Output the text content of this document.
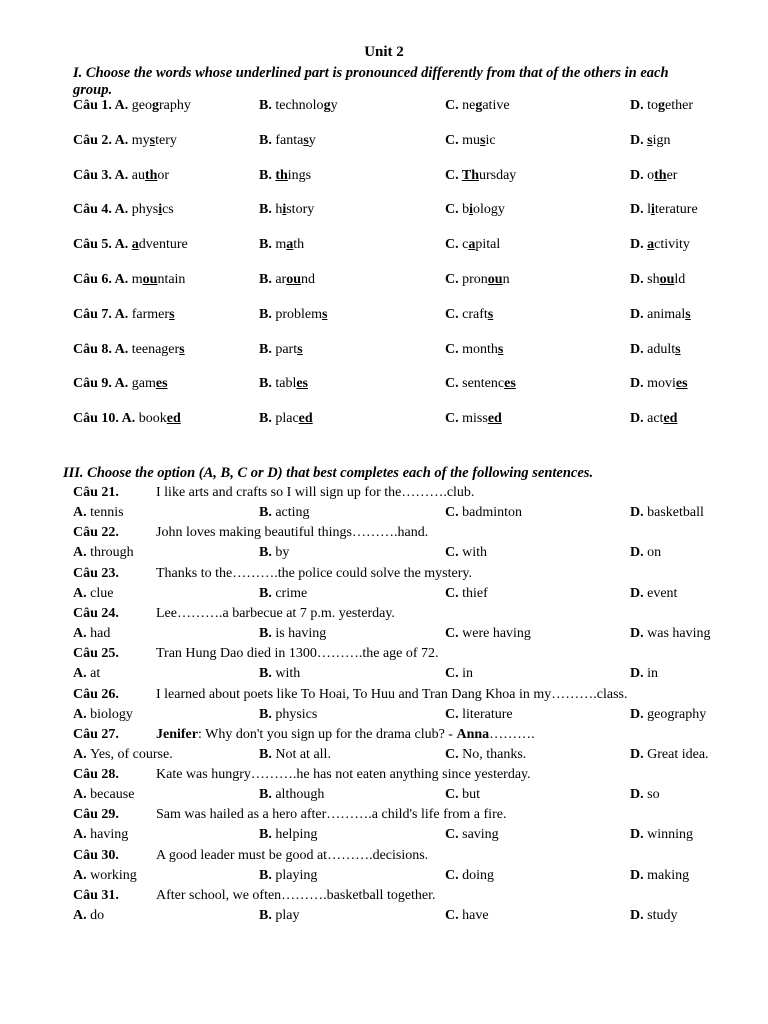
Unit 2
I. Choose the words whose underlined part is pronounced differently from that of the others in each group.
Câu 1. A. geography	B. technology	C. negative	D. together
Câu 2. A. mystery	B. fantasy	C. music	D. sign
Câu 3. A. author	B. things	C. Thursday	D. other
Câu 4. A. physics	B. history	C. biology	D. literature
Câu 5. A. adventure	B. math	C. capital	D. activity
Câu 6. A. mountain	B. around	C. pronoun	D. should
Câu 7. A. farmers	B. problems	C. crafts	D. animals
Câu 8. A. teenagers	B. parts	C. months	D. adults
Câu 9. A. games	B. tables	C. sentences	D. movies
Câu 10. A. booked	B. placed	C. missed	D. acted
III. Choose the option (A, B, C or D) that best completes each of the following sentences.
Câu 21.	I like arts and crafts so I will sign up for the……….club.
A. tennis	B. acting	C. badminton	D. basketball
Câu 22.	John loves making beautiful things……….hand.
A. through	B. by	C. with	D. on
Câu 23.	Thanks to the……….the police could solve the mystery.
A. clue	B. crime	C. thief	D. event
Câu 24.	Lee……….a barbecue at 7 p.m. yesterday.
A. had	B. is having	C. were having	D. was having
Câu 25.	Tran Hung Dao died in 1300……….the age of 72.
A. at	B. with	C. in	D. in
Câu 26.	I learned about poets like To Hoai, To Huu and Tran Dang Khoa in my……….class.
A. biology	B. physics	C. literature	D. geography
Câu 27.	Jenifer: Why don't you sign up for the drama club? - Anna……….
A. Yes, of course.	B. Not at all.	C. No, thanks.	D. Great idea.
Câu 28.	Kate was hungry……….he has not eaten anything since yesterday.
A. because	B. although	C. but	D. so
Câu 29.	Sam was hailed as a hero after……….a child's life from a fire.
A. having	B. helping	C. saving	D. winning
Câu 30.	A good leader must be good at……….decisions.
A. working	B. playing	C. doing	D. making
Câu 31.	After school, we often……….basketball together.
A. do	B. play	C. have	D. study
